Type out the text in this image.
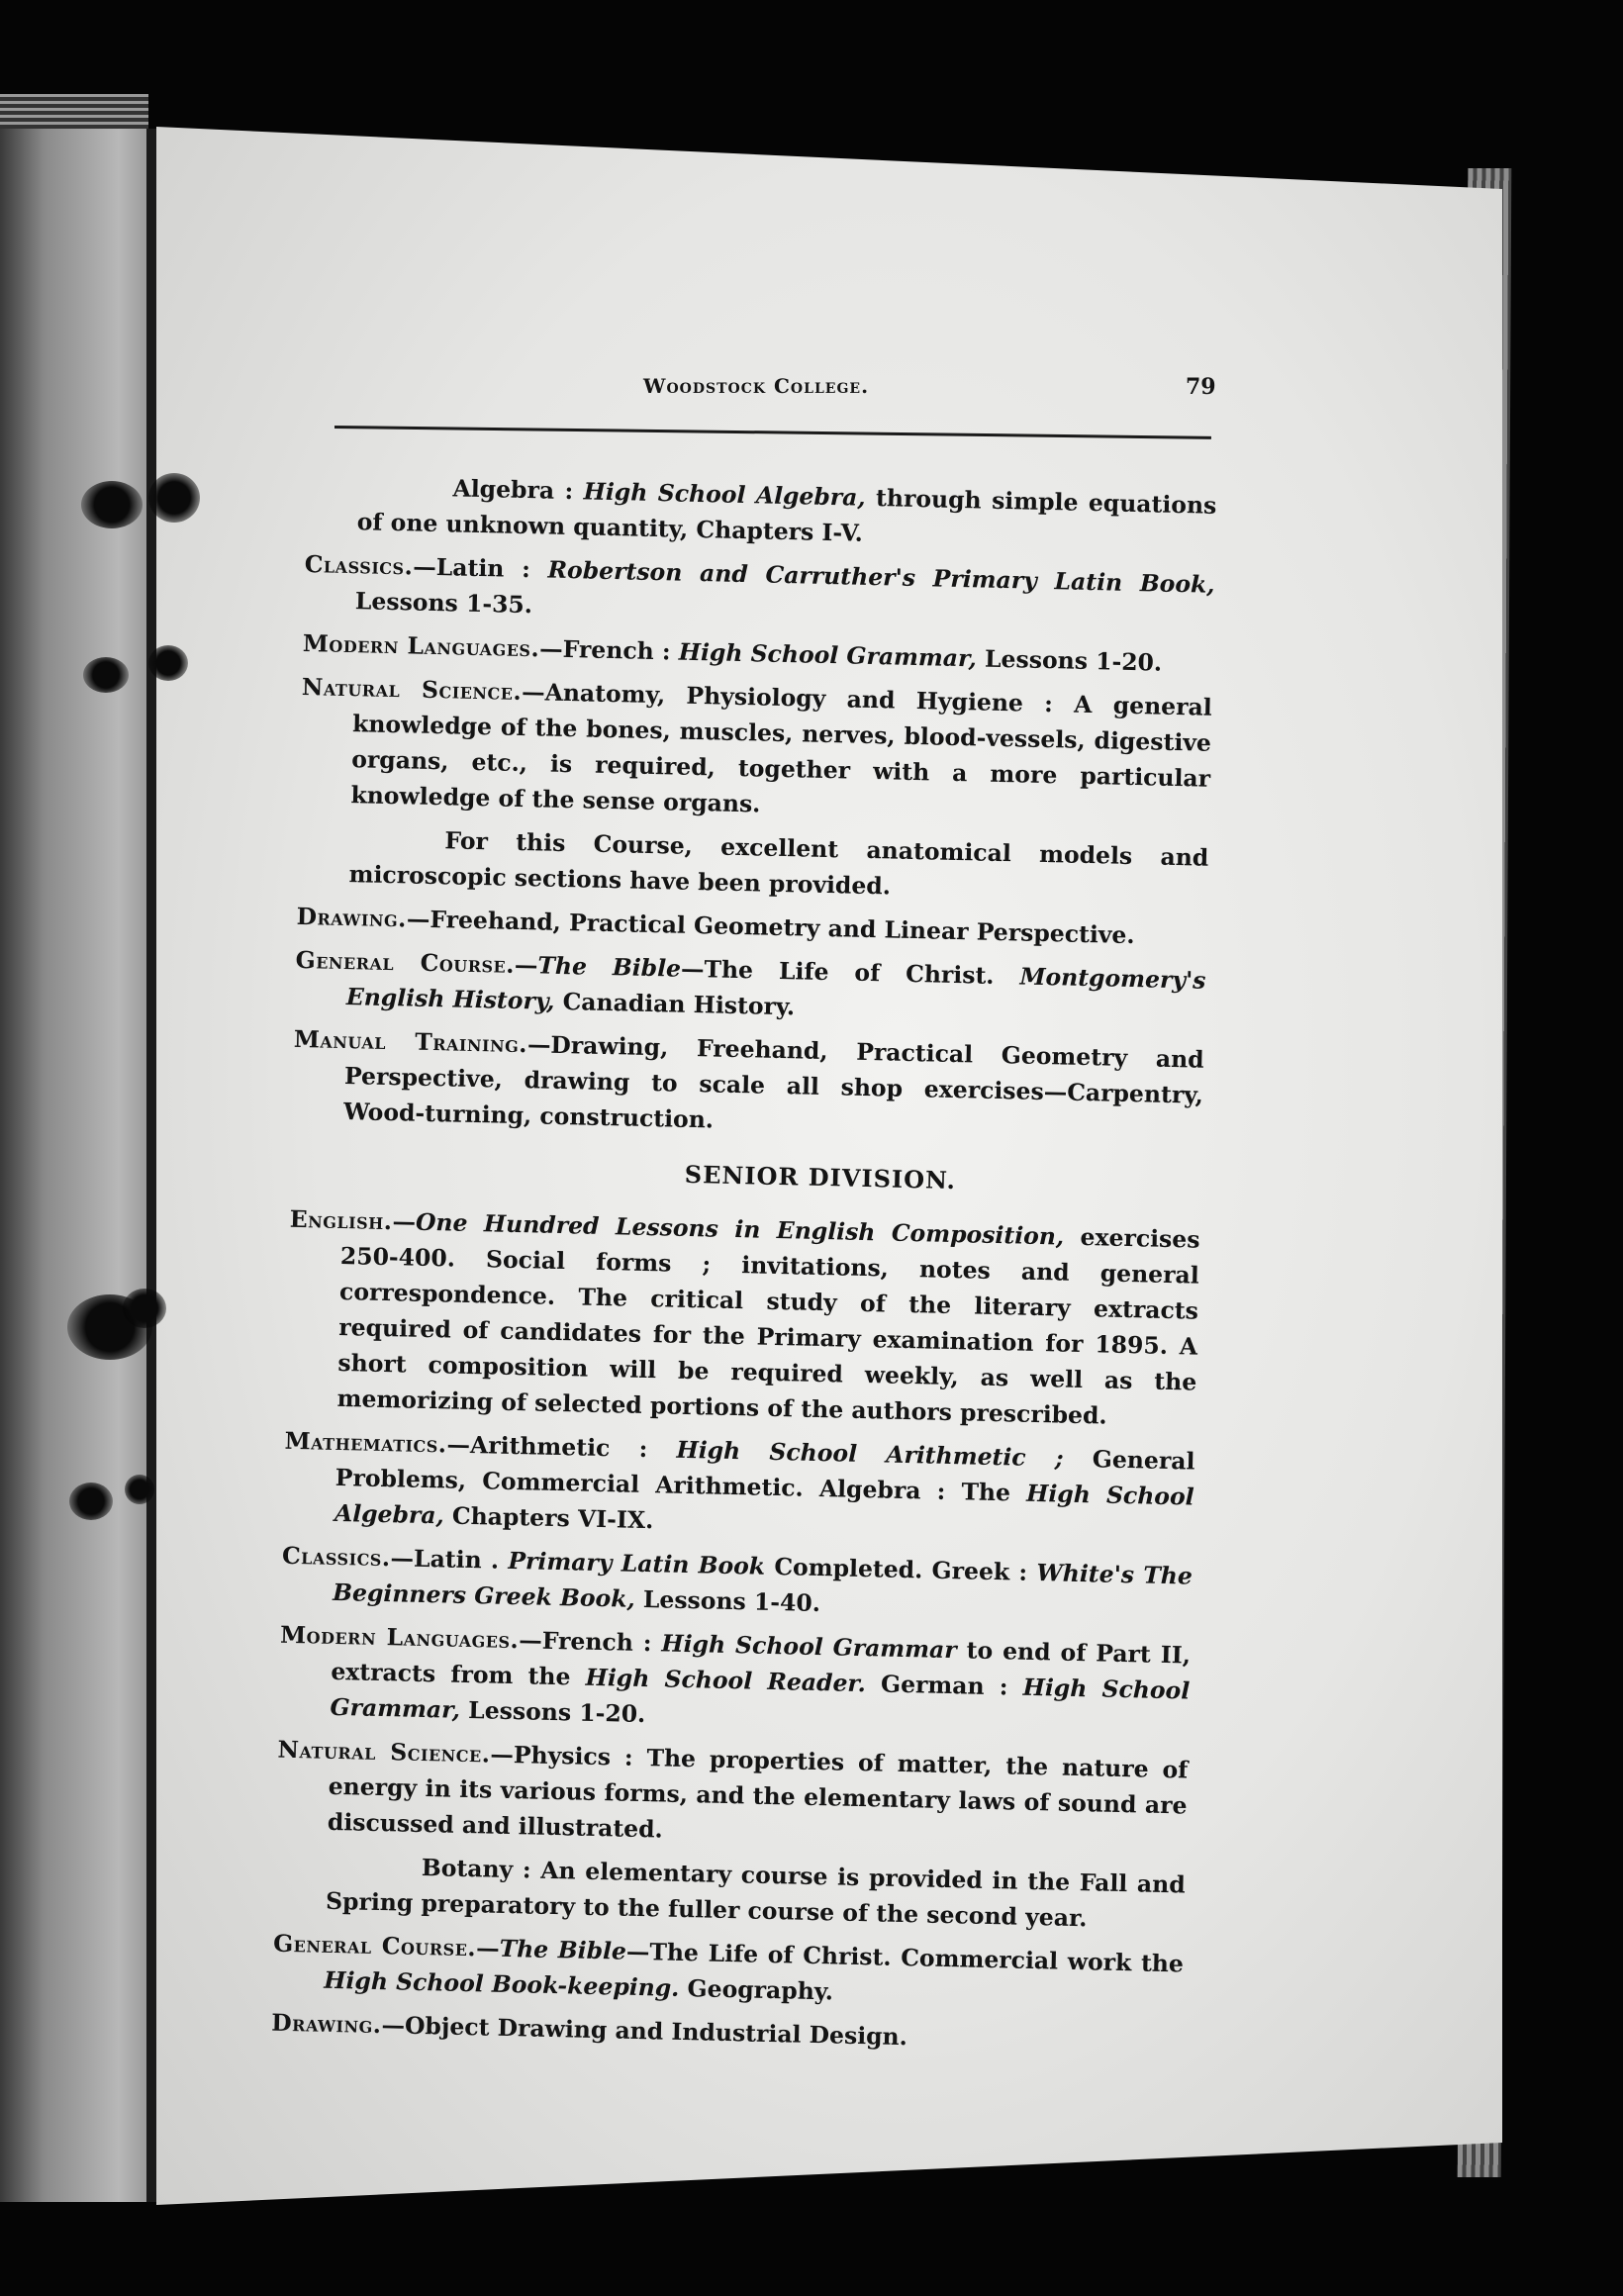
Woodstock College.	79

Algebra : High School Algebra, through simple equations of one unknown quantity, Chapters I-V.

Classics.—Latin : Robertson and Carruther's Primary Latin Book, Lessons 1-35.

Modern Languages.—French : High School Grammar, Lessons 1-20.

Natural Science.—Anatomy, Physiology and Hygiene : A general knowledge of the bones, muscles, nerves, blood-vessels, digestive organs, etc., is required, together with a more particular knowledge of the sense organs.

For this Course, excellent anatomical models and microscopic sections have been provided.

Drawing.—Freehand, Practical Geometry and Linear Perspective.

General Course.—The Bible—The Life of Christ. Montgomery's English History, Canadian History.

Manual Training.—Drawing, Freehand, Practical Geometry and Perspective, drawing to scale all shop exercises—Carpentry, Wood-turning, construction.

SENIOR DIVISION.

English.—One Hundred Lessons in English Composition, exercises 250-400. Social forms ; invitations, notes and general correspondence. The critical study of the literary extracts required of candidates for the Primary examination for 1895. A short composition will be required weekly, as well as the memorizing of selected portions of the authors prescribed.

Mathematics.—Arithmetic : High School Arithmetic ; General Problems, Commercial Arithmetic. Algebra : The High School Algebra, Chapters VI-IX.

Classics.—Latin . Primary Latin Book Completed. Greek : White's The Beginners Greek Book, Lessons 1-40.

Modern Languages.—French : High School Grammar to end of Part II, extracts from the High School Reader. German : High School Grammar, Lessons 1-20.

Natural Science.—Physics : The properties of matter, the nature of energy in its various forms, and the elementary laws of sound are discussed and illustrated.

Botany : An elementary course is provided in the Fall and Spring preparatory to the fuller course of the second year.

General Course.—The Bible—The Life of Christ. Commercial work the High School Book-keeping. Geography.

Drawing.—Object Drawing and Industrial Design.
